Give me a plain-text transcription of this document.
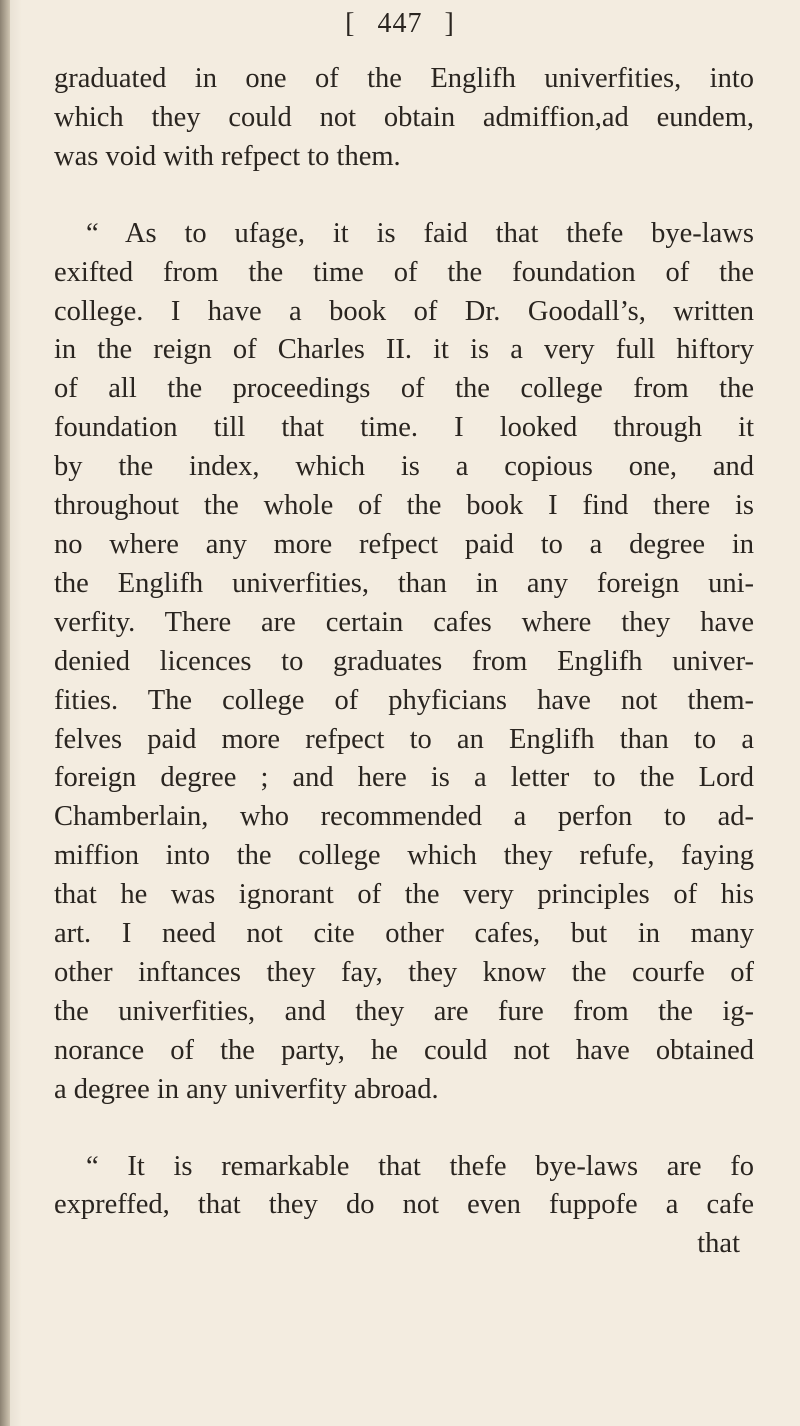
[ 447 ]
graduated in one of the Englifh univerfities, into
which they could not obtain admiffion,ad eundem,
was void with refpect to them.
“ As to ufage, it is faid that thefe bye-laws
exifted from the time of the foundation of the
college. I have a book of Dr. Goodall’s, written
in the reign of Charles II. it is a very full hiftory
of all the proceedings of the college from the
foundation till that time. I looked through it
by the index, which is a copious one, and
throughout the whole of the book I find there is
no where any more refpect paid to a degree in
the Englifh univerfities, than in any foreign uni-
verfity. There are certain cafes where they have
denied licences to graduates from Englifh univer-
fities. The college of phyficians have not them-
felves paid more refpect to an Englifh than to a
foreign degree ; and here is a letter to the Lord
Chamberlain, who recommended a perfon to ad-
miffion into the college which they refufe, faying
that he was ignorant of the very principles of his
art. I need not cite other cafes, but in many
other inftances they fay, they know the courfe of
the univerfities, and they are fure from the ig-
norance of the party, he could not have obtained
a degree in any univerfity abroad.
“ It is remarkable that thefe bye-laws are fo
expreffed, that they do not even fuppofe a cafe
that
